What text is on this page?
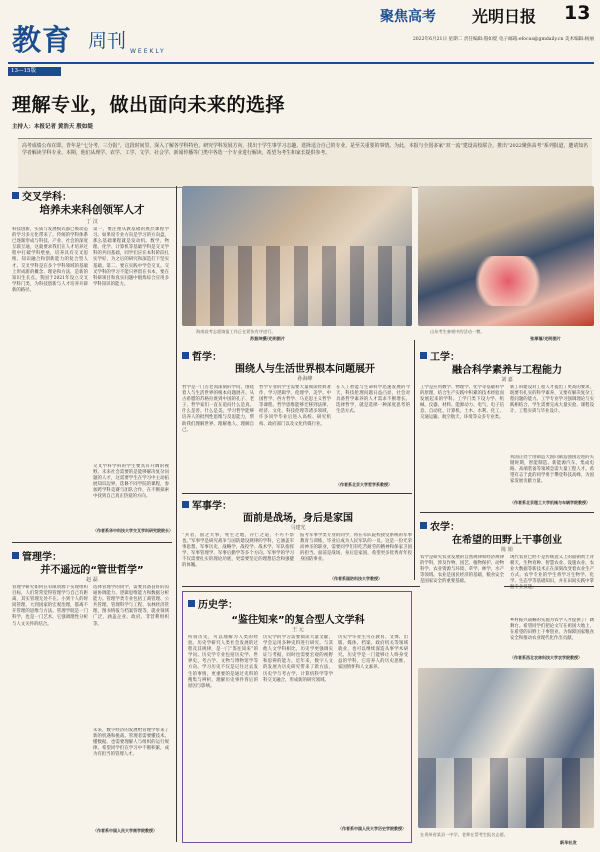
教育 周刊 WEEKLY
聚焦高考 光明日报 13
2022年6月21日 星期二 责任编辑:殷如缇 电子邮箱:efocus@gmdaily.cn 美术编辑:杨丽
13—15版
理解专业，做出面向未来的选择
主持人：本报记者 黄浩天 殷如缇
高考成绩公布在即。青年是“七分考，三分报”，这段时间里，深入了解各学科特色，研究学科发展方向，找出于学生事学习志趣。选择适合自己的专业，是至关重要的事情。为此，本报与全国多家“双一流”建设高校联合，推出“2022聚焦高考”系列报道，邀请知名学者解读学科专业。本期，他们从理学、农学、工学、文学、社会学、新闻传播等门类中各选一个专业进行解读，希望为考生和家长提供参考。
交叉学科：
培养未来科创领军人才
丁 汉
科技创新，实质与发展模式都已被动态的学习多元化带来了。传统的学科体系已逐渐形成与科技、产业、社会的深度互联互通，这就要求我们在人才培养过程中打破学科壁垒，培养具有交叉思维、知识融合和创新能力的复合型人才。交叉学科是在多个学科领域的基础上形成新的概念、理论和方法，是新的知识生长点。我国于2021年设立交叉学科门类，为科技创新与人才培养开辟新的路径。
第一，要注重从教基础的底层课程学习。如果说专业方向是学习的方向盘，那么基础课程就是发动机。数学、物理、化学、计算机等基础学科是交叉学科的共同基础，同学们应在本科阶段扎实学好，为之后的研究和深造打下坚实基础。第二，要在实践中学会交叉。交叉学科的学习不能只停留在书本，要在科研项目和真实问题中锻炼综合应用多学科知识的能力。
交叉学科学科的学生要具有开阔的视野。未来社会需要的是能够解决复杂问题的人才，这需要学生在学习中主动拓展知识边界，选修不同学院的课程，参加跨学科竞赛与团队合作，在不断探索中找到自己真正热爱的方向。
（作者系华中科技大学交叉学科研究院院长）
管理学：
并不遥远的“管世哲学”
赵 磊
管理学研究如何在有限资源下实现组织目标，人们常常觉得管理学与自己有距离，其实管理无处不在。小到个人的时间管理，大到国家的宏观治理，都离不开管理的思维与方法。管理学既是一门科学，也是一门艺术，它强调理性分析与人文关怀的结合。
选择管理学的同学，需要具备良好的沟通协调能力、逻辑思维能力和数据分析能力。管理学类专业包括工商管理、公共管理、管理科学与工程、农林经济管理、图书情报与档案管理等，就业领域广泛，涵盖企业、政府、非营利组织等。
未来，数字经济的发展给管理学带来了新的机遇和挑战。管理者需要懂技术、懂数据，也需要理解人与组织的运行规律。希望同学们在学习中不断积累，成为有担当的管理人才。
（作者系中国人民大学商学院教授）
海南高考志愿填报工作正在紧张有序进行。
苏振坤摄/光明图片
山东考生参观中的活动一瞥。
张厚福/光明图片
哲学：
围绕人与生活世界根本问题展开
孙海峰
哲学是一门古老而深刻的学问，围绕着人与生活世界的根本问题展开。从古希腊的苏格拉底到中国的孔子、老子，哲学家们一直在追问什么是真、什么是善、什么是美。学习哲学能够培养人的批判性思维与反思能力，帮助我们理解世界、理解他人、理解自己。
哲学专业的学生需要大量阅读经典著作，学习逻辑学、伦理学、美学、中国哲学、西方哲学、马克思主义哲学等课程。哲学思维能够迁移到法律、经济、文化、科技伦理等诸多领域，许多同学毕业后进入高校、研究机构、政府部门以及文化传媒行业。
在人工智能与生命科学迅速发展的今天，科技伦理问题日益凸显，社会对具备哲学素养的人才需求不断增长。选择哲学，就是选择一种深度思考的生活方式。
（作者系北京大学哲学系教授）
军事学：
面前是战场，身后是家国
马建光
“兵者，国之大事，死生之地，存亡之道，不可不察也。”军事学是研究战争与国防建设规律的学科，它涵盖军事思想、军事历史、战略学、战役学、战术学、军队指挥学、军事管理学、军事后勤学等多个方向。军事学的学习不仅需要扎实的理论功底，更需要坚定的理想信念和强健的体魄。
报考军事学类专业的同学，将在军队院校接受系统的军事教育与训练，毕业后成为人民军队的一员。这是一份光荣而神圣的职业，需要同学们有吃苦耐劳的精神和保家卫国的担当。面前是战场，身后是家国，希望更多优秀青年投身国防事业。
（作者系国防科技大学教授）
历史学：
“鉴往知来”的复合型人文学科
王 元
所谓历史，可以理解为人类的经验。历史学研究人类社会发展的过程及其规律，是一门“鉴往知来”的学问。历史学专业包括历史学、世界史、考古学、文物与博物馆学等方向。学习历史不仅是记住过去发生的事情，更重要的是通过史料的搜集与辨析，理解历史事件背后的原因与影响。
历史学的学习需要阅读大量文献，学会运用多种史料进行研究。与其他人文学科相比，历史学更强调实证与考据，同时也需要宏观的视野和思辨的能力。近年来，数字人文的发展为历史研究带来了新方法，历史学与考古学、计算机科学等学科交叉融合，形成新的研究领域。
历史学毕业生可在教育、文博、出版、媒体、档案、政府机关等领域就业，也可以继续深造从事学术研究。历史学是一门能够让人终身受益的学科，它培养人的历史思维、家国情怀和人文素养。
（作者系中国人民大学历史学院教授）
工学：
融合科学素养与工程能力
刘 嘉
工学是应用数学、物理学、化学等基础科学的原理，结合生产实践中积累的技术经验而发展起来的学科。工学门类下设力学、机械、仪器、材料、能源动力、电气、电子信息、自动化、计算机、土木、水利、化工、交通运输、航空航天、环境等众多专业类。
新工科建设对工程人才提出了更高的要求，既要有扎实的科学素养，又要有解决复杂工程问题的能力。工学专业学习强调理论与实践相结合，学生需要完成大量实验、课程设计、工程实训与毕业设计。
我国正处于由制造大国向制造强国迈进的关键时期，智能制造、新能源汽车、集成电路、高端装备等领域急需大量工程人才。希望有志于此的同学勇于攀登科技高峰，为国家发展贡献力量。
（作者系北京理工大学机械与车辆学院教授）
农学：
在希望的田野上干事创业
陈 娟
农学是研究农业发展的自然规律和经济规律的学科，涉及作物、园艺、植物保护、动物科学、农业资源与环境、草学、林学、水产等领域。农业是国民经济的基础，粮食安全是国家安全的重要基础。
现代农业已经不是传统意义上的面朝黄土背朝天，生物育种、智慧农业、设施农业、农业大数据等新技术正在深刻改变着农业生产方式。农学专业的学生将学习生物学、化学、生态学等基础知识，并在田间实践中掌握专业技能。
乡村振兴战略的实施为农学人才提供了广阔舞台。希望同学们把论文写在祖国大地上，在希望的田野上干事创业，为保障国家粮食安全和推动农业现代化作出贡献。
（作者系西北农林科技大学农学院教授）
在贵州省某县一中学，老师在帮考生报名志愿。
新华社发
